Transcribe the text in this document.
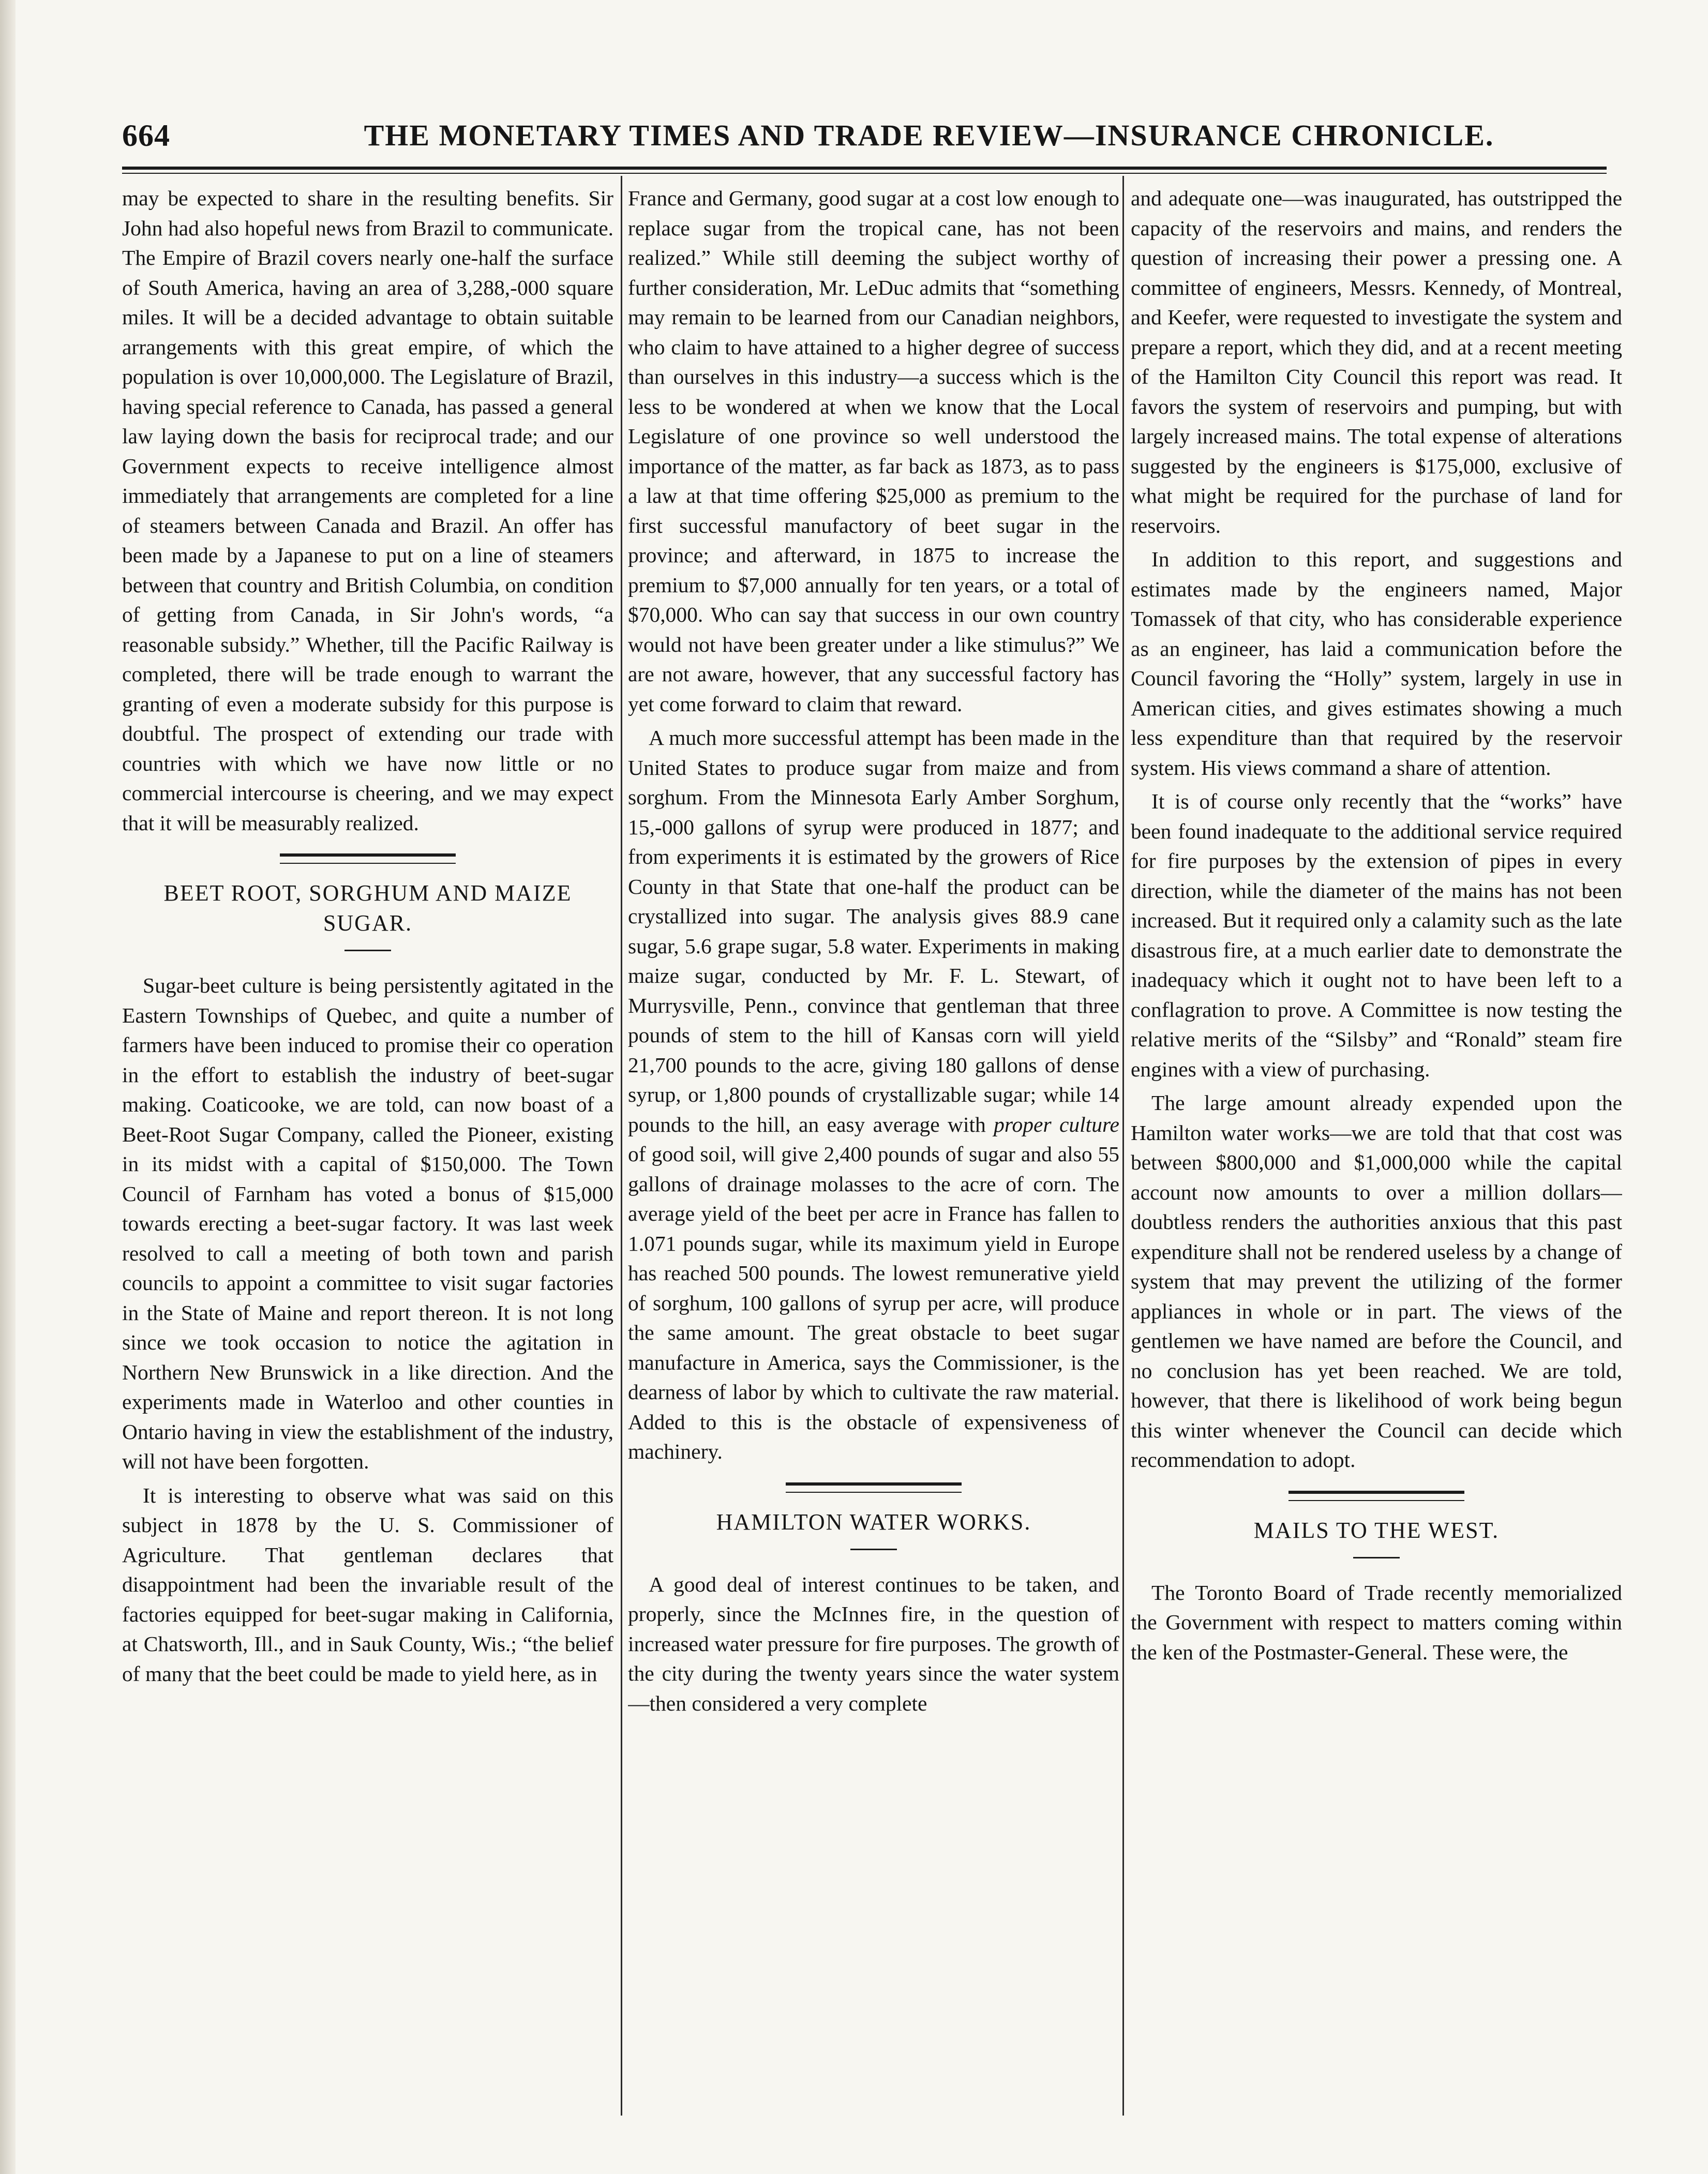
664	THE MONETARY TIMES AND TRADE REVIEW—INSURANCE CHRONICLE.

may be expected to share in the resulting benefits. Sir John had also hopeful news from Brazil to communicate. The Empire of Brazil covers nearly one-half the surface of South America, having an area of 3,288,-000 square miles. It will be a decided advantage to obtain suitable arrangements with this great empire, of which the population is over 10,000,000. The Legislature of Brazil, having special reference to Canada, has passed a general law laying down the basis for reciprocal trade; and our Government expects to receive intelligence almost immediately that arrangements are completed for a line of steamers between Canada and Brazil. An offer has been made by a Japanese to put on a line of steamers between that country and British Columbia, on condition of getting from Canada, in Sir John's words, “a reasonable subsidy.” Whether, till the Pacific Railway is completed, there will be trade enough to warrant the granting of even a moderate subsidy for this purpose is doubtful. The prospect of extending our trade with countries with which we have now little or no commercial intercourse is cheering, and we may expect that it will be measurably realized.

BEET ROOT, SORGHUM AND MAIZE SUGAR.

Sugar-beet culture is being persistently agitated in the Eastern Townships of Quebec, and quite a number of farmers have been induced to promise their co operation in the effort to establish the industry of beet-sugar making. Coaticooke, we are told, can now boast of a Beet-Root Sugar Company, called the Pioneer, existing in its midst with a capital of $150,000. The Town Council of Farnham has voted a bonus of $15,000 towards erecting a beet-sugar factory. It was last week resolved to call a meeting of both town and parish councils to appoint a committee to visit sugar factories in the State of Maine and report thereon. It is not long since we took occasion to notice the agitation in Northern New Brunswick in a like direction. And the experiments made in Waterloo and other counties in Ontario having in view the establishment of the industry, will not have been forgotten.

It is interesting to observe what was said on this subject in 1878 by the U. S. Commissioner of Agriculture. That gentleman declares that disappointment had been the invariable result of the factories equipped for beet-sugar making in California, at Chatsworth, Ill., and in Sauk County, Wis.; “the belief of many that the beet could be made to yield here, as in

France and Germany, good sugar at a cost low enough to replace sugar from the tropical cane, has not been realized.” While still deeming the subject worthy of further consideration, Mr. LeDuc admits that “something may remain to be learned from our Canadian neighbors, who claim to have attained to a higher degree of success than ourselves in this industry—a success which is the less to be wondered at when we know that the Local Legislature of one province so well understood the importance of the matter, as far back as 1873, as to pass a law at that time offering $25,000 as premium to the first successful manufactory of beet sugar in the province; and afterward, in 1875 to increase the premium to $7,000 annually for ten years, or a total of $70,000. Who can say that success in our own country would not have been greater under a like stimulus?” We are not aware, however, that any successful factory has yet come forward to claim that reward.

A much more successful attempt has been made in the United States to produce sugar from maize and from sorghum. From the Minnesota Early Amber Sorghum, 15,-000 gallons of syrup were produced in 1877; and from experiments it is estimated by the growers of Rice County in that State that one-half the product can be crystallized into sugar. The analysis gives 88.9 cane sugar, 5.6 grape sugar, 5.8 water. Experiments in making maize sugar, conducted by Mr. F. L. Stewart, of Murrysville, Penn., convince that gentleman that three pounds of stem to the hill of Kansas corn will yield 21,700 pounds to the acre, giving 180 gallons of dense syrup, or 1,800 pounds of crystallizable sugar; while 14 pounds to the hill, an easy average with proper culture of good soil, will give 2,400 pounds of sugar and also 55 gallons of drainage molasses to the acre of corn. The average yield of the beet per acre in France has fallen to 1.071 pounds sugar, while its maximum yield in Europe has reached 500 pounds. The lowest remunerative yield of sorghum, 100 gallons of syrup per acre, will produce the same amount. The great obstacle to beet sugar manufacture in America, says the Commissioner, is the dearness of labor by which to cultivate the raw material. Added to this is the obstacle of expensiveness of machinery.

HAMILTON WATER WORKS.

A good deal of interest continues to be taken, and properly, since the McInnes fire, in the question of increased water pressure for fire purposes. The growth of the city during the twenty years since the water system—then considered a very complete

and adequate one—was inaugurated, has outstripped the capacity of the reservoirs and mains, and renders the question of increasing their power a pressing one. A committee of engineers, Messrs. Kennedy, of Montreal, and Keefer, were requested to investigate the system and prepare a report, which they did, and at a recent meeting of the Hamilton City Council this report was read. It favors the system of reservoirs and pumping, but with largely increased mains. The total expense of alterations suggested by the engineers is $175,000, exclusive of what might be required for the purchase of land for reservoirs.

In addition to this report, and suggestions and estimates made by the engineers named, Major Tomassek of that city, who has considerable experience as an engineer, has laid a communication before the Council favoring the “Holly” system, largely in use in American cities, and gives estimates showing a much less expenditure than that required by the reservoir system. His views command a share of attention.

It is of course only recently that the “works” have been found inadequate to the additional service required for fire purposes by the extension of pipes in every direction, while the diameter of the mains has not been increased. But it required only a calamity such as the late disastrous fire, at a much earlier date to demonstrate the inadequacy which it ought not to have been left to a conflagration to prove. A Committee is now testing the relative merits of the “Silsby” and “Ronald” steam fire engines with a view of purchasing.

The large amount already expended upon the Hamilton water works—we are told that that cost was between $800,000 and $1,000,000 while the capital account now amounts to over a million dollars—doubtless renders the authorities anxious that this past expenditure shall not be rendered useless by a change of system that may prevent the utilizing of the former appliances in whole or in part. The views of the gentlemen we have named are before the Council, and no conclusion has yet been reached. We are told, however, that there is likelihood of work being begun this winter whenever the Council can decide which recommendation to adopt.

MAILS TO THE WEST.

The Toronto Board of Trade recently memorialized the Government with respect to matters coming within the ken of the Postmaster-General. These were, the
